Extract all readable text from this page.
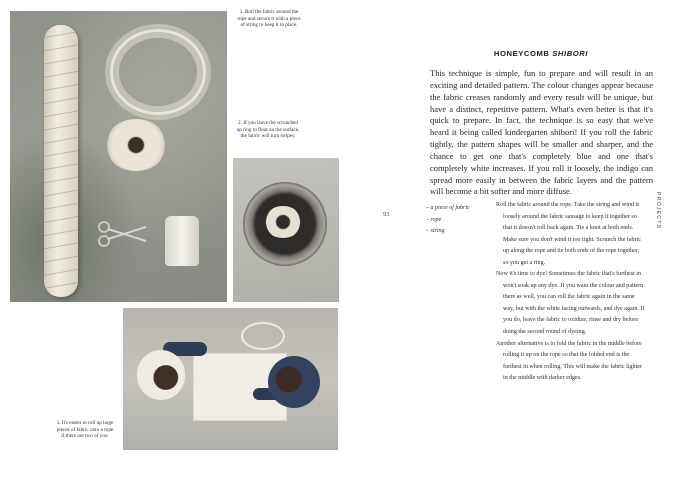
1. Roll the fabric around the rope and secure it with a piece of string to keep it in place.
2. If you leave the scrunched up ring to float on the surface, the fabric will turn stripey.
3. It's easier to roll up large pieces of fabric onto a rope if there are two of you.
HONEYCOMB SHIBORI

This technique is simple, fun to prepare and will result in an exciting and detailed pattern. The colour changes appear because the fabric creases randomly and every result will be unique, but have a distinct, repetitive pattern. What's even better is that it's quick to prepare. In fact, the technique is so easy that we've heard it being called kindergarten shibori! If you roll the fabric tightly, the pattern shapes will be smaller and sharper, and the chance to get one that's completely blue and one that's completely white increases. If you roll it loosely, the indigo can spread more easily in between the fabric layers and the pattern will become a bit softer and more diffuse.

93
– a piece of fabric
– rope
– string

Roll the fabric around the rope. Take the string and wind it loosely around the fabric sausage to keep it together so that it doesn't roll back again. Tie a knot at both ends. Make sure you don't wind it too tight. Scrunch the fabric up along the rope and tie both ends of the rope together, so you get a ring.

Now it's time to dye! Sometimes the fabric that's furthest in won't soak up any dye. If you want the colour and pattern there as well, you can roll the fabric again in the same way, but with the white facing outwards, and dye again. If you do, leave the fabric to oxidize, rinse and dry before doing the second round of dyeing.

Another alternative is to fold the fabric in the middle before rolling it up on the rope so that the folded end is the furthest in when rolling. This will make the fabric lighter in the middle with darker edges.

PROJECTS
